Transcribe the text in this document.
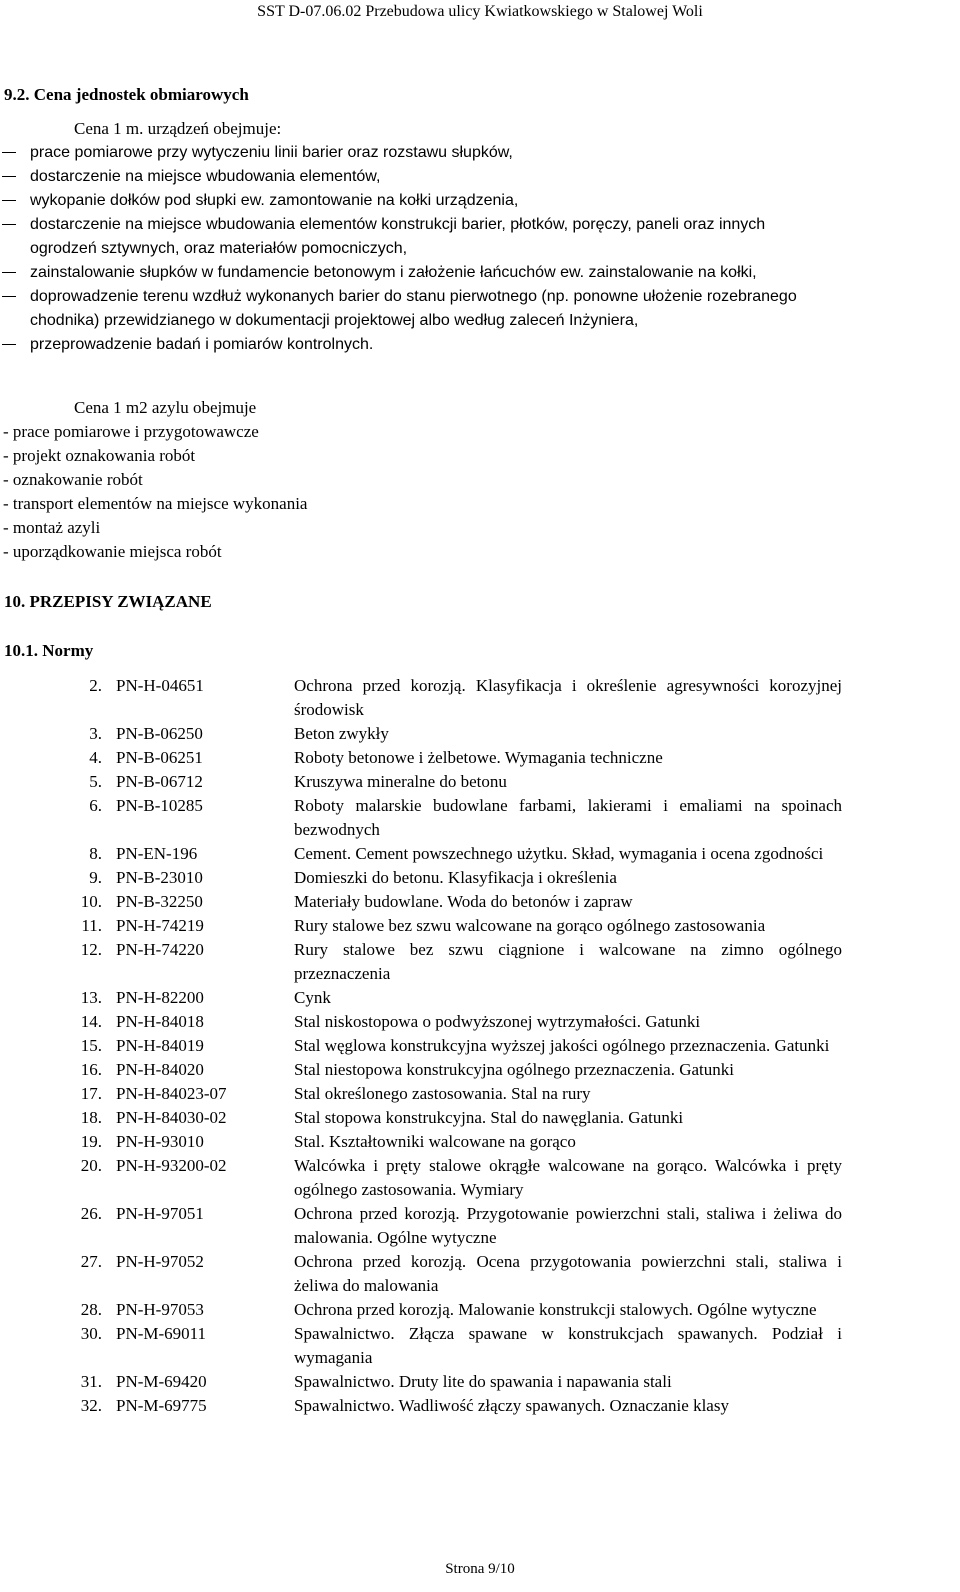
SST D-07.06.02 Przebudowa ulicy Kwiatkowskiego w Stalowej Woli
9.2. Cena jednostek obmiarowych
Cena 1 m. urządzeń obejmuje:

prace pomiarowe przy wytyczeniu linii barier oraz rozstawu słupków,

dostarczenie na miejsce wbudowania elementów,

wykopanie dołków pod słupki ew. zamontowanie na kołki urządzenia,

dostarczenie na miejsce wbudowania elementów konstrukcji barier, płotków, poręczy, paneli oraz innych

ogrodzeń sztywnych, oraz materiałów pomocniczych,

zainstalowanie słupków w fundamencie betonowym i założenie łańcuchów ew. zainstalowanie na kołki,

doprowadzenie terenu wzdłuż wykonanych barier do stanu pierwotnego (np. ponowne ułożenie rozebranego

chodnika) przewidzianego w dokumentacji projektowej albo według zaleceń Inżyniera,

przeprowadzenie badań i pomiarów kontrolnych.

Cena 1 m2 azylu obejmuje

- prace pomiarowe i przygotowawcze

- projekt oznakowania robót

- oznakowanie robót

- transport elementów na miejsce wykonania

- montaż azyli

- uporządkowanie miejsca robót

10. PRZEPISY ZWIĄZANE
10.1. Normy
2. PN-H-04651	Ochrona przed korozją. Klasyfikacja i określenie agresywności korozyjnej środowisk
3. PN-B-06250	Beton zwykły
4. PN-B-06251	Roboty betonowe i żelbetowe. Wymagania techniczne
5. PN-B-06712	Kruszywa mineralne do betonu
6. PN-B-10285	Roboty malarskie budowlane farbami, lakierami i emaliami na spoinach bezwodnych
8. PN-EN-196	Cement. Cement powszechnego użytku. Skład, wymagania i ocena zgodności
9. PN-B-23010	Domieszki do betonu. Klasyfikacja i określenia
10. PN-B-32250	Materiały budowlane. Woda do betonów i zapraw
11. PN-H-74219	Rury stalowe bez szwu walcowane na gorąco ogólnego zastosowania
12. PN-H-74220	Rury stalowe bez szwu ciągnione i walcowane na zimno ogólnego przeznaczenia
13. PN-H-82200	Cynk
14. PN-H-84018	Stal niskostopowa o podwyższonej wytrzymałości. Gatunki
15. PN-H-84019	Stal węglowa konstrukcyjna wyższej jakości ogólnego przeznaczenia. Gatunki
16. PN-H-84020	Stal niestopowa konstrukcyjna ogólnego przeznaczenia. Gatunki
17. PN-H-84023-07	Stal określonego zastosowania. Stal na rury
18. PN-H-84030-02	Stal stopowa konstrukcyjna. Stal do nawęglania. Gatunki
19. PN-H-93010	Stal. Kształtowniki walcowane na gorąco
20. PN-H-93200-02	Walcówka i pręty stalowe okrągłe walcowane na gorąco. Walcówka i pręty ogólnego zastosowania. Wymiary
26. PN-H-97051	Ochrona przed korozją. Przygotowanie powierzchni stali, staliwa i żeliwa do malowania. Ogólne wytyczne
27. PN-H-97052	Ochrona przed korozją. Ocena przygotowania powierzchni stali, staliwa i żeliwa do malowania
28. PN-H-97053	Ochrona przed korozją. Malowanie konstrukcji stalowych. Ogólne wytyczne
30. PN-M-69011	Spawalnictwo. Złącza spawane w konstrukcjach spawanych. Podział i wymagania
31. PN-M-69420	Spawalnictwo. Druty lite do spawania i napawania stali
32. PN-M-69775	Spawalnictwo. Wadliwość złączy spawanych. Oznaczanie klasy
Strona 9/10
